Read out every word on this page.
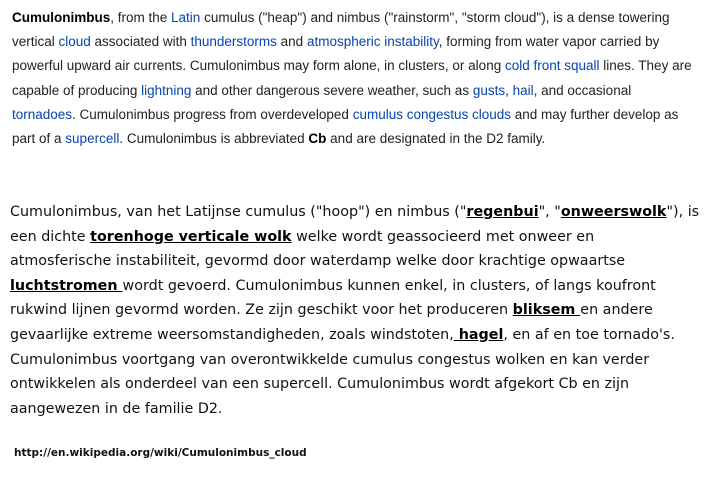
Cumulonimbus, from the Latin cumulus ("heap") and nimbus ("rainstorm", "storm cloud"), is a dense towering vertical cloud associated with thunderstorms and atmospheric instability, forming from water vapor carried by powerful upward air currents. Cumulonimbus may form alone, in clusters, or along cold front squall lines. They are capable of producing lightning and other dangerous severe weather, such as gusts, hail, and occasional tornadoes. Cumulonimbus progress from overdeveloped cumulus congestus clouds and may further develop as part of a supercell. Cumulonimbus is abbreviated Cb and are designated in the D2 family.
Cumulonimbus, van het Latijnse cumulus ("hoop") en nimbus ("regenbui", "onweerswolk"), is een dichte torenhoge verticale wolk welke wordt geassocieerd met onweer en atmosferische instabiliteit, gevormd door waterdamp welke door krachtige opwaartse luchtstromen wordt gevoerd. Cumulonimbus kunnen enkel, in clusters, of langs koufront rukwind lijnen gevormd worden. Ze zijn geschikt voor het produceren bliksem en andere gevaarlijke extreme weersomstandigheden, zoals windstoten, hagel, en af en toe tornado's. Cumulonimbus voortgang van overontwikkelde cumulus congestus wolken en kan verder ontwikkelen als onderdeel van een supercell. Cumulonimbus wordt afgekort Cb en zijn aangewezen in de familie D2.
http://en.wikipedia.org/wiki/Cumulonimbus_cloud
